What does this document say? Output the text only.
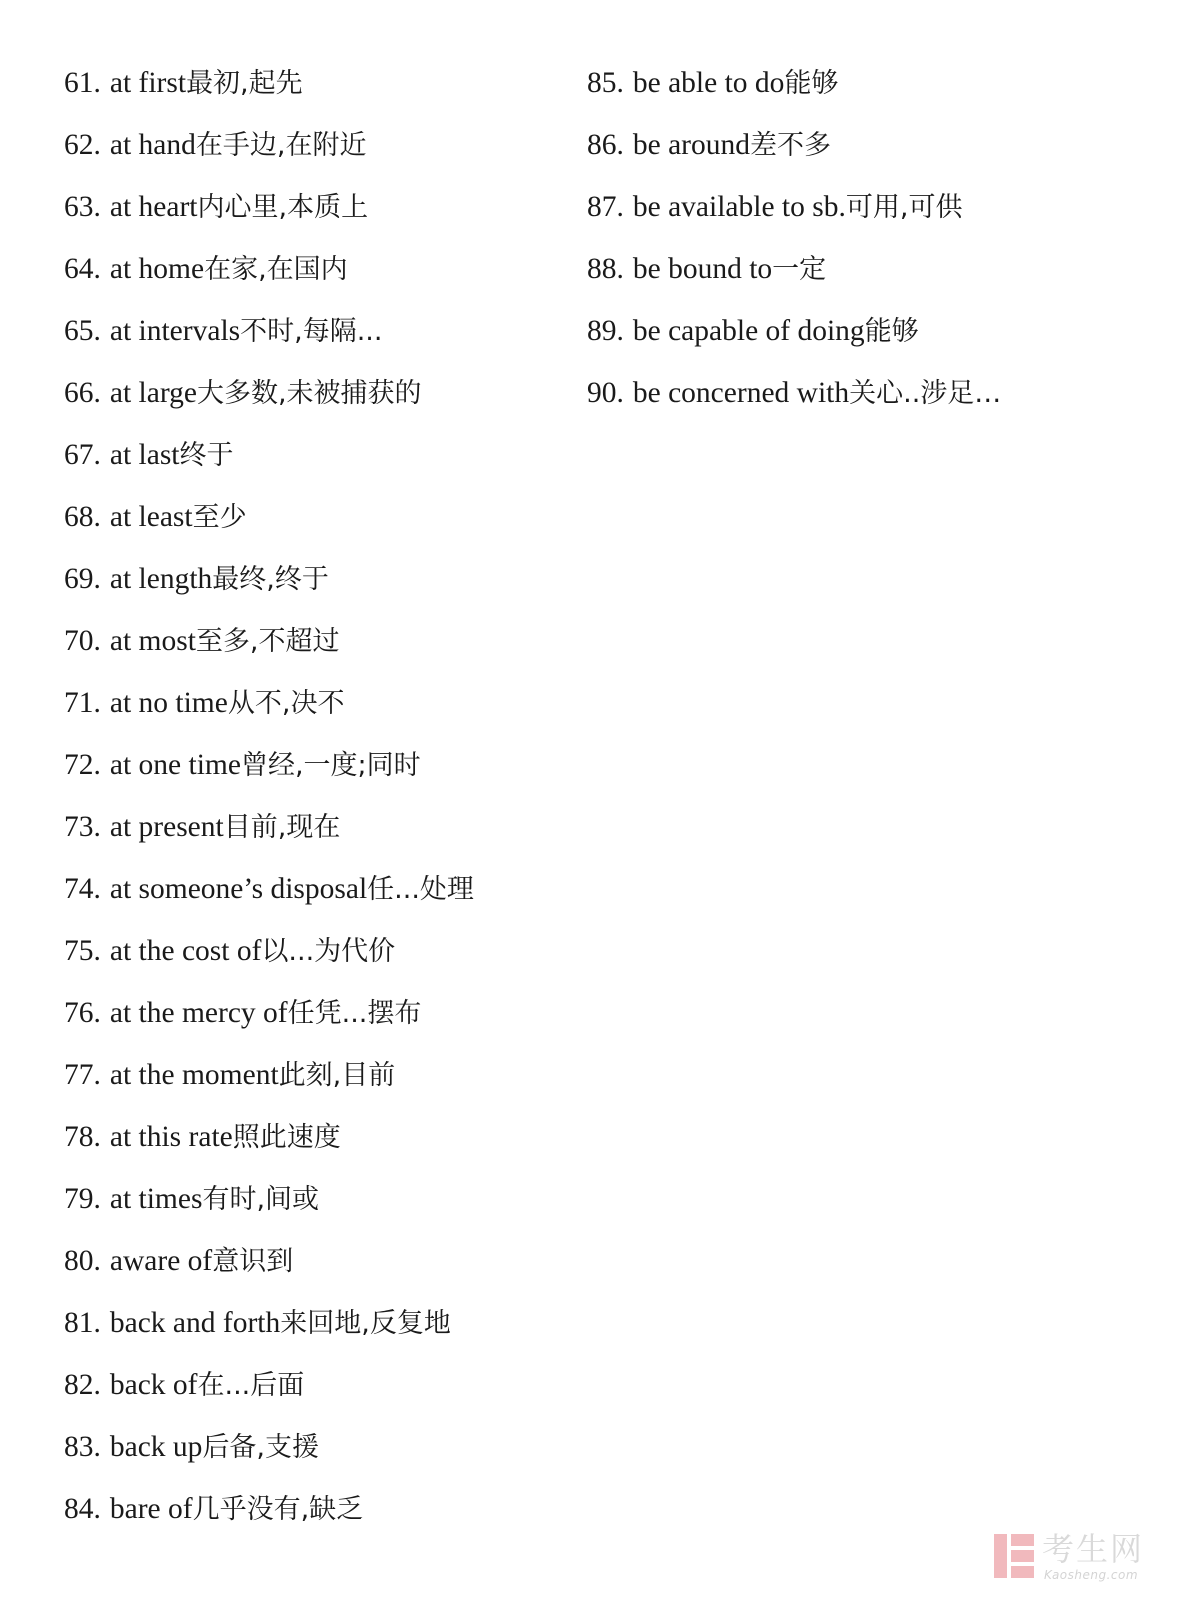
61. at first最初,起先
62. at hand在手边,在附近
63. at heart内心里,本质上
64. at home在家,在国内
65. at intervals不时,每隔...
66. at large大多数,未被捕获的
67. at last终于
68. at least至少
69. at length最终,终于
70. at most至多,不超过
71. at no time从不,决不
72. at one time曾经,一度;同时
73. at present目前,现在
74. at someone’s disposal任...处理
75. at the cost of以...为代价
76. at the mercy of任凭...摆布
77. at the moment此刻,目前
78. at this rate照此速度
79. at times有时,间或
80. aware of意识到
81. back and forth来回地,反复地
82. back of在...后面
83. back up后备,支援
84. bare of几乎没有,缺乏
85. be able to do能够
86. be around差不多
87. be available to sb.可用,可供
88. be bound to一定
89. be capable of doing能够
90. be concerned with关心..涉足…
考生网
Kaosheng.com
